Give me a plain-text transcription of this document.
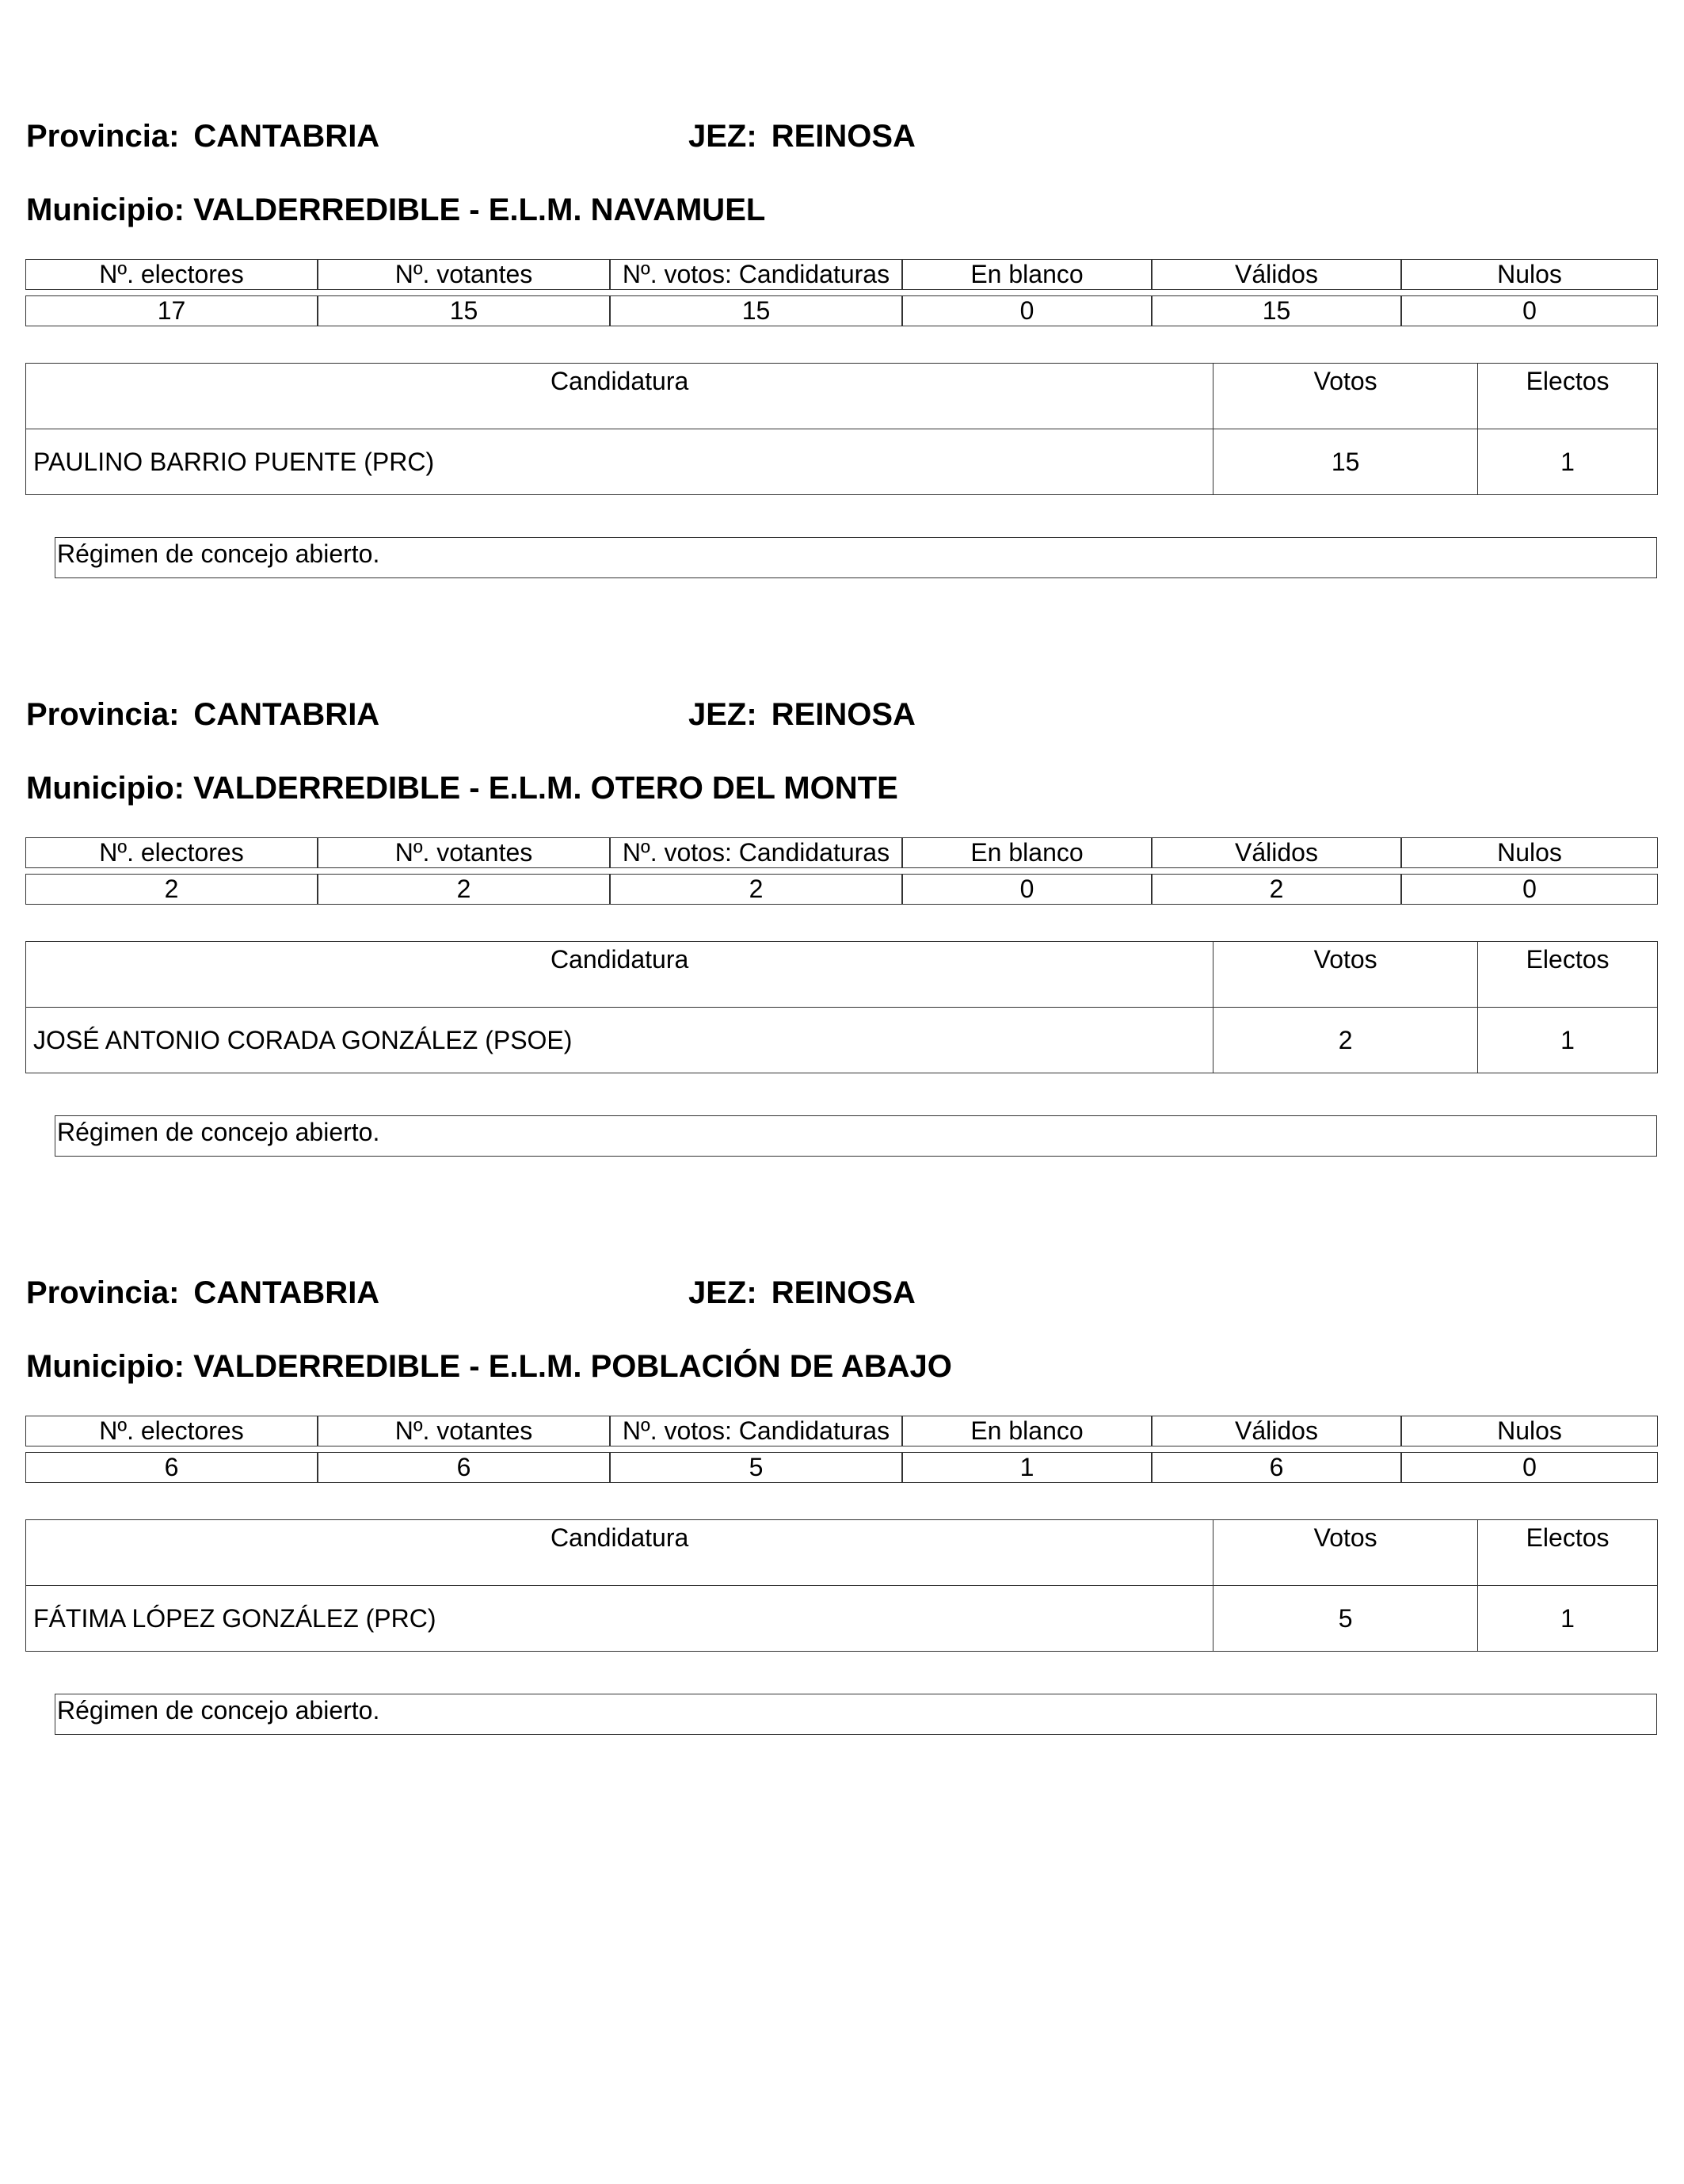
Provincia: CANTABRIA	JEZ: REINOSA
Municipio: VALDERREDIBLE - E.L.M. NAVAMUEL
Nº. electores	Nº. votantes	Nº. votos: Candidaturas	En blanco	Válidos	Nulos

17	15	15	0	15	0
Candidatura	Votos	Electos
PAULINO BARRIO PUENTE (PRC)	15	1
Régimen de concejo abierto.
Provincia: CANTABRIA	JEZ: REINOSA
Municipio: VALDERREDIBLE - E.L.M. OTERO DEL MONTE
Nº. electores	Nº. votantes	Nº. votos: Candidaturas	En blanco	Válidos	Nulos

2	2	2	0	2	0
Candidatura	Votos	Electos
JOSÉ ANTONIO CORADA GONZÁLEZ (PSOE)	2	1
Régimen de concejo abierto.
Provincia: CANTABRIA	JEZ: REINOSA
Municipio: VALDERREDIBLE - E.L.M. POBLACIÓN DE ABAJO
Nº. electores	Nº. votantes	Nº. votos: Candidaturas	En blanco	Válidos	Nulos

6	6	5	1	6	0
Candidatura	Votos	Electos
FÁTIMA LÓPEZ GONZÁLEZ (PRC)	5	1
Régimen de concejo abierto.
